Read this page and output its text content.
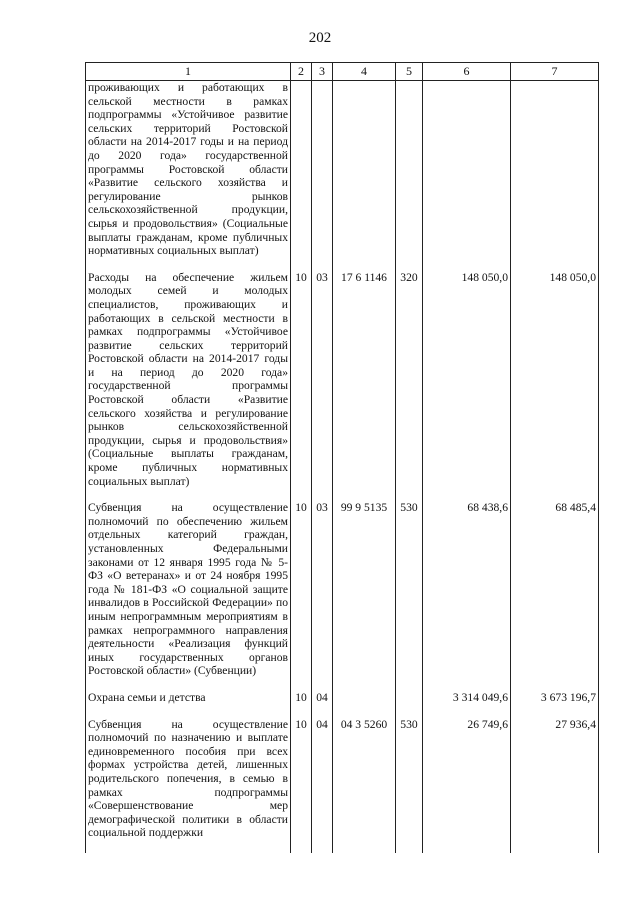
202
1	2	3	4	5	6	7
проживающих и работающих в сельской местности в рамках подпрограммы «Устойчивое развитие сельских территорий Ростовской области на 2014-2017 годы и на период до 2020 года» государственной программы Ростовской области «Развитие сельского хозяйства и регулирование рынков сельскохозяйственной продукции, сырья и продовольствия» (Социальные выплаты гражданам, кроме публичных нормативных социальных выплат)						
Расходы на обеспечение жильем молодых семей и молодых специалистов, проживающих и работающих в сельской местности в рамках подпрограммы «Устойчивое развитие сельских территорий Ростовской области на 2014-2017 годы и на период до 2020 года» государственной программы Ростовской области «Развитие сельского хозяйства и регулирование рынков сельскохозяйственной продукции, сырья и продовольствия» (Социальные выплаты гражданам, кроме публичных нормативных социальных выплат)	10	03	17 6 1146	320	148 050,0	148 050,0
Субвенция на осуществление полномочий по обеспечению жильем отдельных категорий граждан, установленных Федеральными законами от 12 января 1995 года № 5-ФЗ «О ветеранах» и от 24 ноября 1995 года № 181-ФЗ «О социальной защите инвалидов в Российской Федерации» по иным непрограммным мероприятиям в рамках непрограммного направления деятельности «Реализация функций иных государственных органов Ростовской области» (Субвенции)	10	03	99 9 5135	530	68 438,6	68 485,4
Охрана семьи и детства	10	04			3 314 049,6	3 673 196,7
Субвенция на осуществление полномочий по назначению и выплате единовременного пособия при всех формах устройства детей, лишенных родительского попечения, в семью в рамках подпрограммы «Совершенствование мер демографической политики в области социальной поддержки	10	04	04 3 5260	530	26 749,6	27 936,4
